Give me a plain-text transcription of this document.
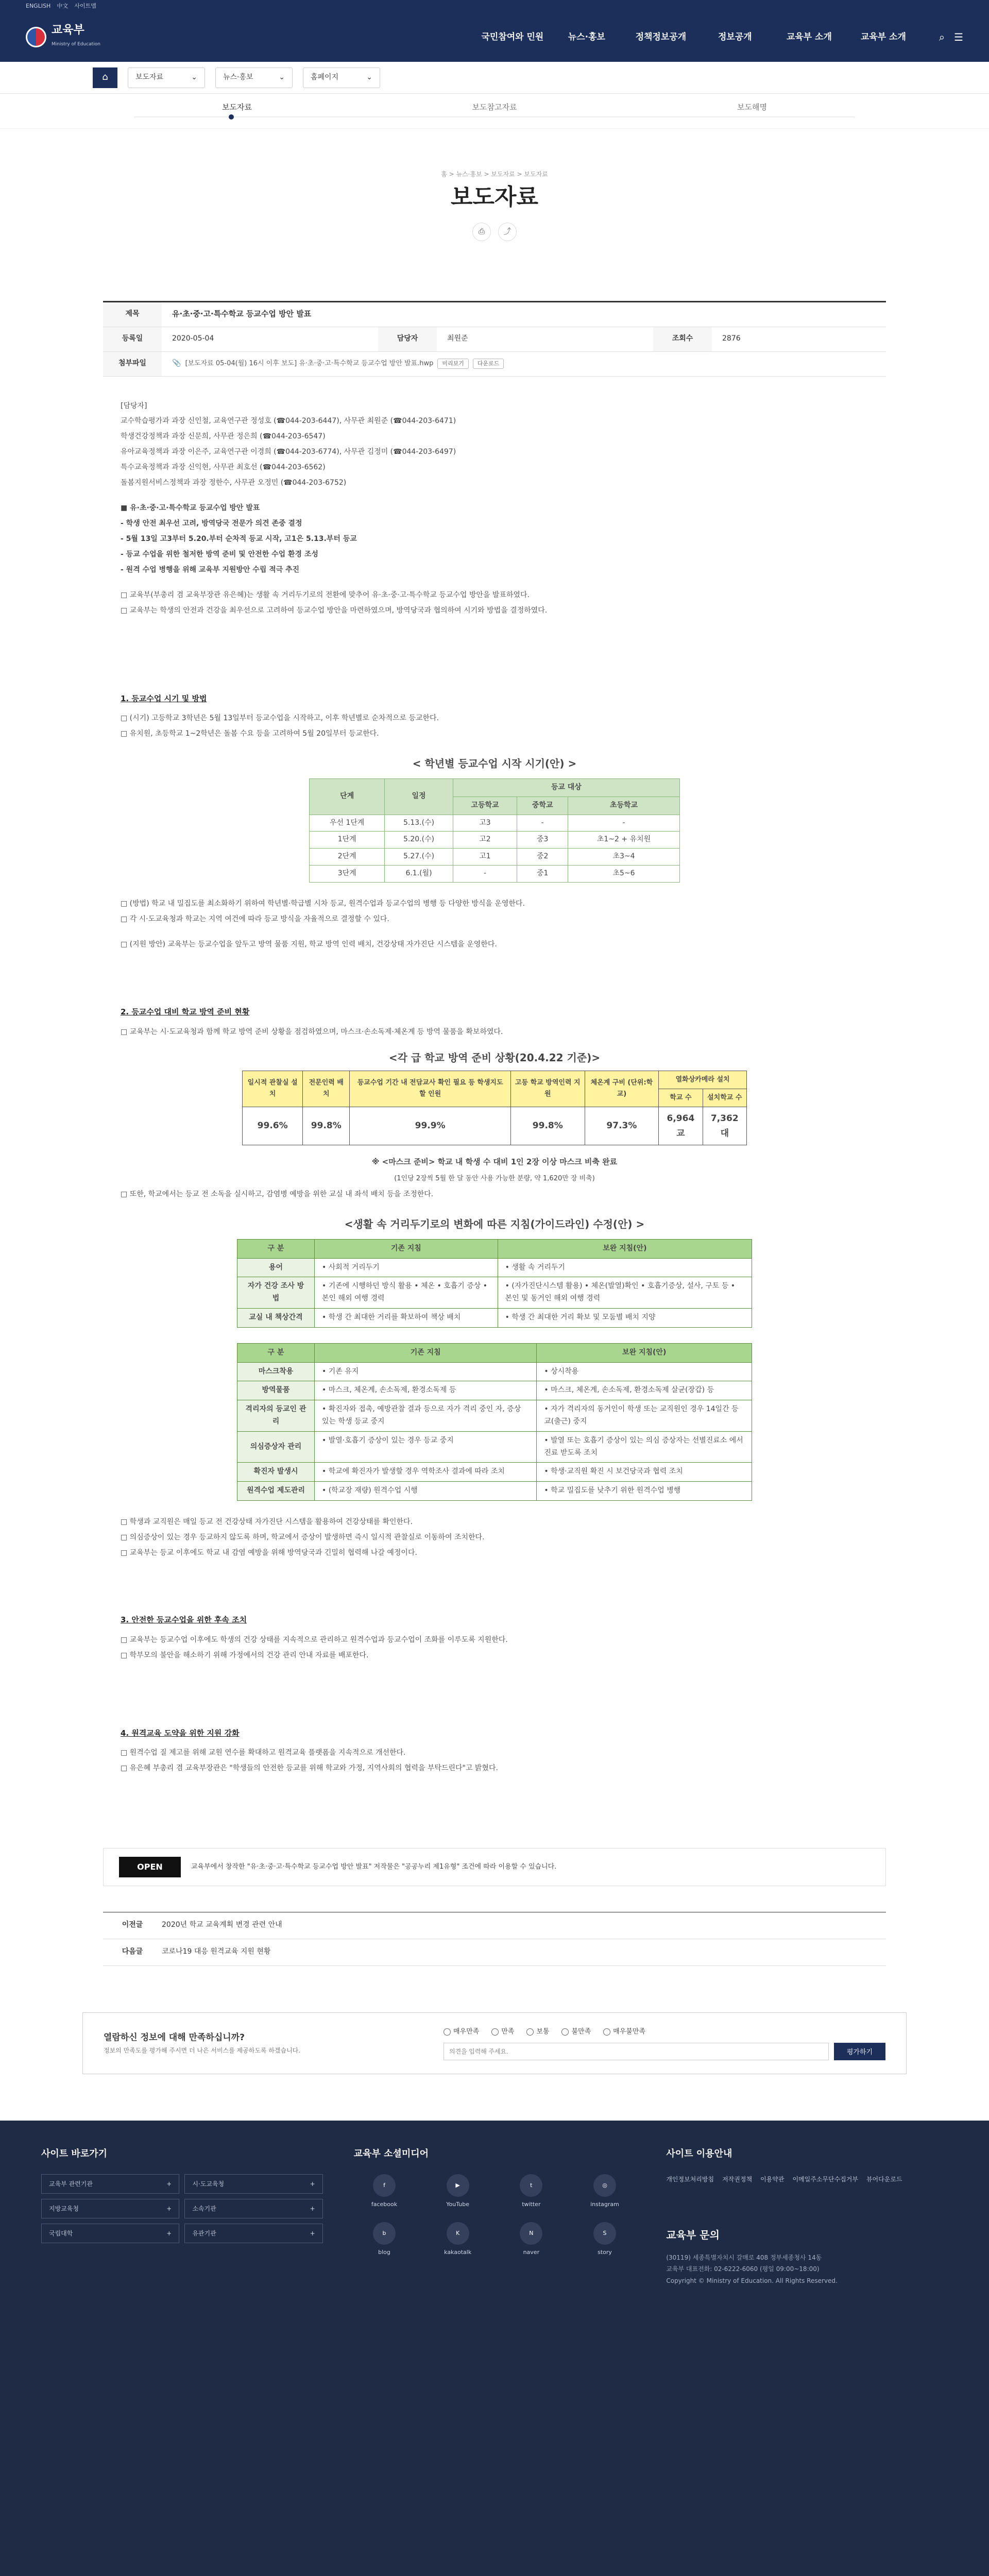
ENGLISH 中文 사이트맵
교육부
Ministry of Education
국민참여와 민원	뉴스·홍보	정책정보공개	정보공개	교육부 소개	교육부 소개	⌕ ☰
⌂	보도자료	⌄	뉴스·홍보	⌄	홈페이지	⌄
보도자료	보도참고자료	보도해명
홈 > 뉴스·홍보 > 보도자료 > 보도자료
보도자료
⎙	⤴
제목	유·초·중·고·특수학교 등교수업 방안 발표
등록일	2020-05-04	담당자	최원준	조회수	2876
첨부파일	📎 [보도자료 05-04(월) 16시 이후 보도] 유·초·중·고·특수학교 등교수업 방안 발표.hwp	미리보기	다운로드

[담당자]

교수학습평가과 과장 신인철, 교육연구관 정성호 (☎044-203-6447), 사무관 최원준 (☎044-203-6471)

학생건강정책과 과장 신문희, 사무관 정은희 (☎044-203-6547)

유아교육정책과 과장 이은주, 교육연구관 이경희 (☎044-203-6774), 사무관 김정미 (☎044-203-6497)

특수교육정책과 과장 신익현, 사무관 최호선 (☎044-203-6562)

돌봄지원서비스정책과 과장 정한수, 사무관 오정민 (☎044-203-6752)

■ 유·초·중·고·특수학교 등교수업 방안 발표

- 학생 안전 최우선 고려, 방역당국 전문가 의견 존중 결정

- 5월 13일 고3부터 5.20.부터 순차적 등교 시작, 고1은 5.13.부터 등교

- 등교 수업을 위한 철저한 방역 준비 및 안전한 수업 환경 조성

- 원격 수업 병행을 위해 교육부 지원방안 수립 적극 추진

□ 교육부(부총리 겸 교육부장관 유은혜)는 생활 속 거리두기로의 전환에 맞추어 유·초·중·고·특수학교 등교수업 방안을 발표하였다.

□ 교육부는 학생의 안전과 건강을 최우선으로 고려하여 등교수업 방안을 마련하였으며, 방역당국과 협의하여 시기와 방법을 결정하였다.

1. 등교수업 시기 및 방법

□ (시기) 고등학교 3학년은 5월 13일부터 등교수업을 시작하고, 이후 학년별로 순차적으로 등교한다.

□ 유치원, 초등학교 1~2학년은 돌봄 수요 등을 고려하여 5월 20일부터 등교한다.

< 학년별 등교수업 시작 시기(안) >
단계	일정	등교 대상		
		고등학교	중학교	초등학교
우선 1단계	5.13.(수)	고3	-	-
1단계	5.20.(수)	고2	중3	초1~2 + 유치원
2단계	5.27.(수)	고1	중2	초3~4
3단계	6.1.(월)	-	중1	초5~6

□ (방법) 학교 내 밀집도를 최소화하기 위하여 학년별·학급별 시차 등교, 원격수업과 등교수업의 병행 등 다양한 방식을 운영한다.

□ 각 시·도교육청과 학교는 지역 여건에 따라 등교 방식을 자율적으로 결정할 수 있다.

□ (지원 방안) 교육부는 등교수업을 앞두고 방역 물품 지원, 학교 방역 인력 배치, 건강상태 자가진단 시스템을 운영한다.

2. 등교수업 대비 학교 방역 준비 현황

□ 교육부는 시·도교육청과 함께 학교 방역 준비 상황을 점검하였으며, 마스크·손소독제·체온계 등 방역 물품을 확보하였다.

<각 급 학교 방역 준비 상황(20.4.22 기준)>
일시적 관찰실 설치	전문인력 배치	등교수업 기간 내 전담교사 확인 필요 등 학생지도 할 인원	고등 학교 방역인력 지원	체온계 구비 (단위:학교)	열화상카메라 설치	
					학교 수	설치학교 수
99.6%	99.8%	99.9%	99.8%	97.3%	6,964교	7,362대
※ <마스크 준비> 학교 내 학생 수 대비 1인 2장 이상 마스크 비축 완료
(1인당 2장씩 5월 한 달 동안 사용 가능한 분량, 약 1,620만 장 비축)

□ 또한, 학교에서는 등교 전 소독을 실시하고, 감염병 예방을 위한 교실 내 좌석 배치 등을 조정한다.

<생활 속 거리두기로의 변화에 따른 지침(가이드라인) 수정(안) >
구 분	기존 지침	보완 지침(안)
용어	• 사회적 거리두기	• 생활 속 거리두기
자가 건강 조사 방법	• 기존에 시행하던 방식 활용 • 체온 • 호흡기 증상 • 본인 해외 여행 경력	• (자가진단시스템 활용) • 체온(발열)확인 • 호흡기증상, 설사, 구토 등 • 본인 및 동거인 해외 여행 경력
교실 내 책상간격	• 학생 간 최대한 거리를 확보하여 책상 배치	• 학생 간 최대한 거리 확보 및 모둠별 배치 지양
구 분	기존 지침	보완 지침(안)
마스크착용	• 기존 유지	• 상시착용
방역물품	• 마스크, 체온계, 손소독제, 환경소독제 등	• 마스크, 체온계, 손소독제, 환경소독제 살균(장갑) 등
격리자의 등교인 관리	• 확진자와 접촉, 예방관찰 결과 등으로 자가 격리 중인 자, 증상 있는 학생 등교 중지	• 자가 격리자의 동거인이 학생 또는 교직원인 경우 14일간 등교(출근) 중지
의심증상자 관리	• 발열·호흡기 증상이 있는 경우 등교 중지	• 발열 또는 호흡기 증상이 있는 의심 증상자는 선별진료소 에서 진료 받도록 조치
확진자 발생시	• 학교에 확진자가 발생할 경우 역학조사 결과에 따라 조치	• 학생·교직원 확진 시 보건당국과 협력 조치
원격수업 제도관리	• (학교장 재량) 원격수업 시행	• 학교 밀집도를 낮추기 위한 원격수업 병행

□ 학생과 교직원은 매일 등교 전 건강상태 자가진단 시스템을 활용하여 건강상태를 확인한다.

□ 의심증상이 있는 경우 등교하지 않도록 하며, 학교에서 증상이 발생하면 즉시 일시적 관찰실로 이동하여 조치한다.

□ 교육부는 등교 이후에도 학교 내 감염 예방을 위해 방역당국과 긴밀히 협력해 나갈 예정이다.

3. 안전한 등교수업을 위한 후속 조치

□ 교육부는 등교수업 이후에도 학생의 건강 상태를 지속적으로 관리하고 원격수업과 등교수업이 조화를 이루도록 지원한다.

□ 학부모의 불안을 해소하기 위해 가정에서의 건강 관리 안내 자료를 배포한다.

4. 원격교육 도약을 위한 지원 강화

□ 원격수업 질 제고를 위해 교원 연수를 확대하고 원격교육 플랫폼을 지속적으로 개선한다.

□ 유은혜 부총리 겸 교육부장관은 "학생들의 안전한 등교를 위해 학교와 가정, 지역사회의 협력을 부탁드린다"고 밝혔다.

OPEN	교육부에서 창작한 "유·초·중·고·특수학교 등교수업 방안 발표" 저작물은 "공공누리 제1유형" 조건에 따라 이용할 수 있습니다.
이전글	2020년 학교 교육계획 변경 관련 안내
다음글	코로나19 대응 원격교육 지원 현황
열람하신 정보에 대해 만족하십니까?

정보의 만족도를 평가해 주시면 더 나은 서비스를 제공하도록 하겠습니다.

매우만족	만족	보통	불만족	매우불만족
의견을 입력해 주세요.
평가하기
사이트 바로가기
교육부 관련기관	+	시·도교육청	+
지방교육청	+	소속기관	+
국립대학	+	유관기관	+
교육부 소셜미디어
f
facebook
▶
YouTube
t
twitter
◎
instagram
b
blog
K
kakaotalk
N
naver
S
story
사이트 이용안내
개인정보처리방침 저작권정책 이용약관 이메일주소무단수집거부 뷰어다운로드
교육부 문의
(30119) 세종특별자치시 갈매로 408 정부세종청사 14동
교육부 대표전화: 02-6222-6060 (평일 09:00~18:00)
Copyright © Ministry of Education. All Rights Reserved.
